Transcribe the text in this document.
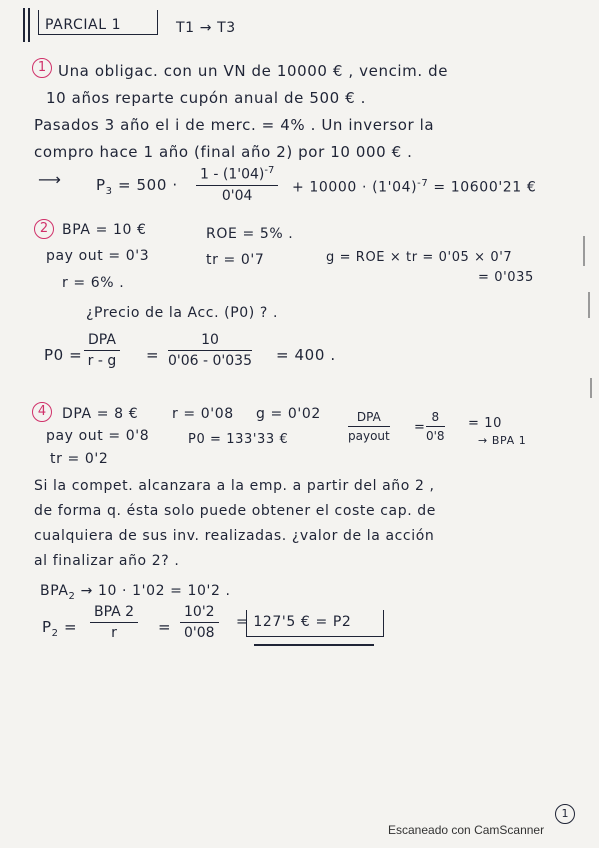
PARCIAL 1	T1 → T3
1 Una obligac. con un VN de 10000 € , vencim. de
10 años reparte cupón anual de 500 € .
Pasados 3 año el i de merc. = 4% . Un inversor la
compro hace 1 año (final año 2) por 10 000 € .
⟶ $P_3 = 500 \cdot \frac{1 - (1'04)^{-7}}{0'04} + 10000 \cdot (1'04)^{-7} = 10600'21$ €
2 BPA = 10 €	ROE = 5% .
pay out = 0'3	tr = 0'7	g = ROE × tr = 0'05 × 0'7
= 0'035
r = 6% .
¿Precio de la Acc. (P0) ? .
P0 =
DPA
$r - g = \frac{10}{0'06 - 0'035} = 400$ .
4	DPA = 8 € r = 0'08 g = 0'02	DPA
payout
= $\frac{8}{0'8} = 10$
→ BPA 1
pay out = 0'8	P0 = 133'33 €
tr = 0'2
Si la compet. alcanzara a la emp. a partir del año 2 ,
de forma q. ésta solo puede obtener el coste cap. de
cualquiera de sus inv. realizadas. ¿valor de la acción
al finalizar año 2? .
$BPA_2 \to 10 \cdot 1'02 = 10'2$ .
$P_2$ =
BPA 2
r	= $\frac{10'2}{0'08} = 127'5$ € = P2
1
Escaneado con CamScanner
